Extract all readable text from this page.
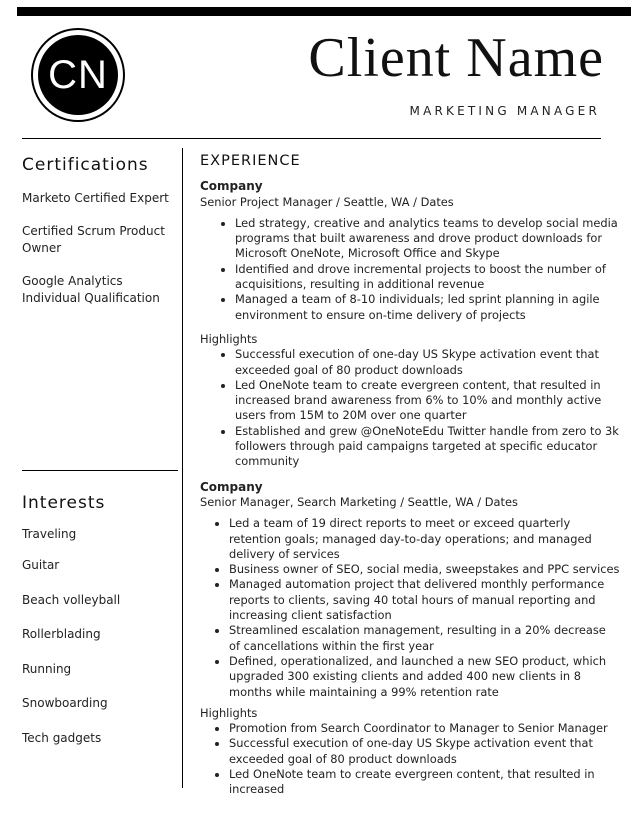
CN	Client Name
MARKETING MANAGER
Certifications
Marketo Certified Expert
Certified Scrum Product Owner
Google Analytics Individual Qualification
Interests
Traveling
Guitar
Beach volleyball
Rollerblading
Running
Snowboarding
Tech gadgets
EXPERIENCE

Company

Senior Project Manager / Seattle, WA / Dates

• Led strategy, creative and analytics teams to develop social media programs that built awareness and drove product downloads for Microsoft OneNote, Microsoft Office and Skype
• Identified and drove incremental projects to boost the number of acquisitions, resulting in additional revenue
• Managed a team of 8-10 individuals; led sprint planning in agile environment to ensure on-time delivery of projects

Highlights

• Successful execution of one-day US Skype activation event that exceeded goal of 80 product downloads
• Led OneNote team to create evergreen content, that resulted in increased brand awareness from 6% to 10% and monthly active users from 15M to 20M over one quarter
• Established and grew @OneNoteEdu Twitter handle from zero to 3k followers through paid campaigns targeted at specific educator community

Company

Senior Manager, Search Marketing / Seattle, WA / Dates

• Led a team of 19 direct reports to meet or exceed quarterly retention goals; managed day-to-day operations; and managed delivery of services
• Business owner of SEO, social media, sweepstakes and PPC services
• Managed automation project that delivered monthly performance reports to clients, saving 40 total hours of manual reporting and increasing client satisfaction
• Streamlined escalation management, resulting in a 20% decrease of cancellations within the first year
• Defined, operationalized, and launched a new SEO product, which upgraded 300 existing clients and added 400 new clients in 8 months while maintaining a 99% retention rate

Highlights

• Promotion from Search Coordinator to Manager to Senior Manager
• Successful execution of one-day US Skype activation event that exceeded goal of 80 product downloads
• Led OneNote team to create evergreen content, that resulted in increased
